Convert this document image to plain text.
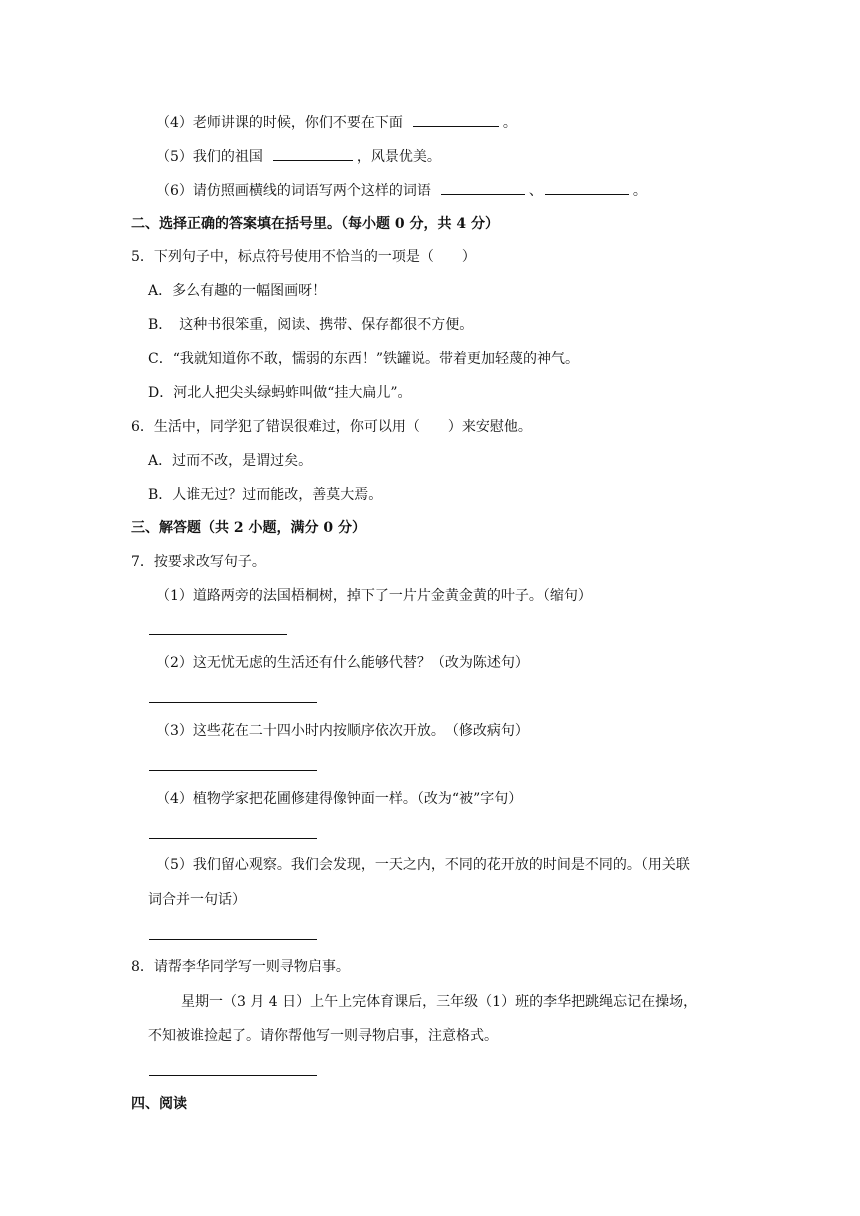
（4）老师讲课的时候，你们不要在下面	。
（5）我们的祖国	，风景优美。
（6）请仿照画横线的词语写两个这样的词语	、	。
二、选择正确的答案填在括号里。（每小题 0 分，共 4 分）
5．下列句子中，标点符号使用不恰当的一项是（　　）
A．多么有趣的一幅图画呀！
B．　这种书很笨重，阅读、携带、保存都很不方便。
C．“我就知道你不敢，懦弱的东西！”铁罐说。带着更加轻蔑的神气。
D．河北人把尖头绿蚂蚱叫做“挂大扁儿”。
6．生活中，同学犯了错误很难过，你可以用（　　）来安慰他。
A．过而不改，是谓过矣。
B．人谁无过？过而能改，善莫大焉。
三、解答题（共 2 小题，满分 0 分）
7．按要求改写句子。
（1）道路两旁的法国梧桐树，掉下了一片片金黄金黄的叶子。（缩句）
（2）这无忧无虑的生活还有什么能够代替？（改为陈述句）
（3）这些花在二十四小时内按顺序依次开放。　（修改病句）
（4）植物学家把花圃修建得像钟面一样。（改为“被”字句）
（5）我们留心观察。我们会发现，一天之内，不同的花开放的时间是不同的。（用关联
词合并一句话）
8．请帮李华同学写一则寻物启事。
星期一（3 月 4 日）上午上完体育课后，三年级（1）班的李华把跳绳忘记在操场，
不知被谁捡起了。请你帮他写一则寻物启事，注意格式。
四、阅读
